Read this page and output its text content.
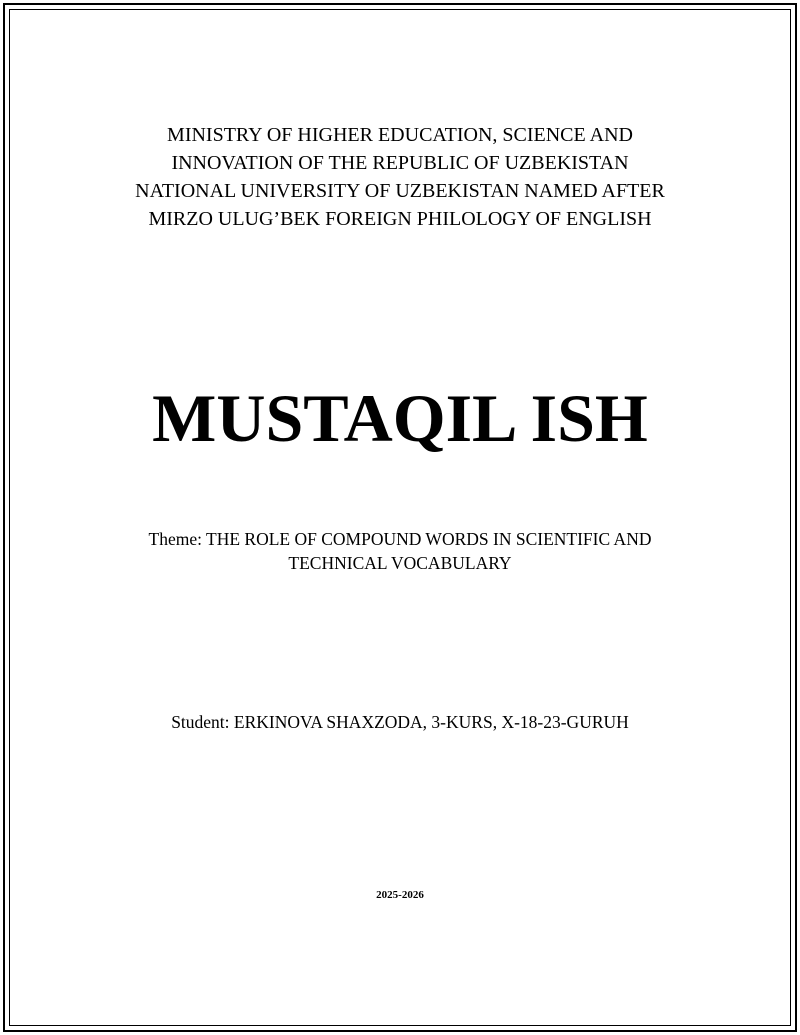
MINISTRY OF HIGHER EDUCATION, SCIENCE AND
INNOVATION OF THE REPUBLIC OF UZBEKISTAN
NATIONAL UNIVERSITY OF UZBEKISTAN NAMED AFTER
MIRZO ULUG’BEK FOREIGN PHILOLOGY OF ENGLISH
MUSTAQIL ISH
Theme: THE ROLE OF COMPOUND WORDS IN SCIENTIFIC AND
TECHNICAL VOCABULARY
Student: ERKINOVA SHAXZODA, 3-KURS, X-18-23-GURUH
2025-2026
